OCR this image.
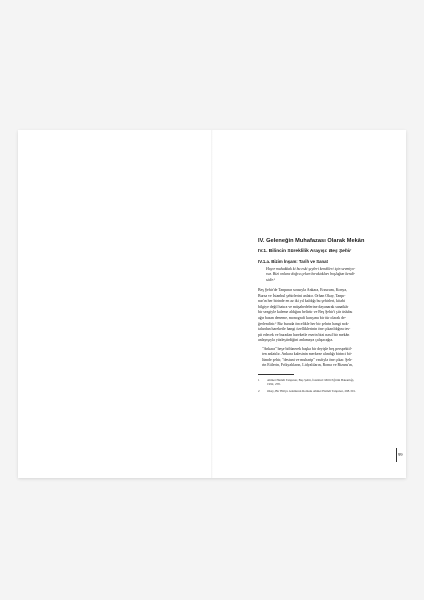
IV. Geleneğin Muhafazası Olarak Mekân
IV.1. Bilincin Süreklilik Arayışı: Beş Şehir
IV.1.a. Bizim İnşam: Tarih ve Sanat
Hayır muhakkak ki bu eski şeyleri kendileri için sevmiyo-
ruz. Bizi onlara doğru çeken bıraktıkları boşluğun kendi-
sidir.¹
Beş Şehir'de Tanpınar sırasıyla Ankara, Erzurum, Konya,
Bursa ve İstanbul şehirlerini anlatır. Orhan Okay, Tanpı-
nar'ın her birinde en az iki yıl kaldığı bu şehirleri, kitabi
bilgiye değil hatıra ve müşahedelerine dayanarak sanatkâr
bir sezgiyle kaleme aldığını belirtir ve Beş Şehir'i şiir üslubu
ağır basan deneme, monografi karışımı bir tür olarak de-
ğerlendirir.² Biz burada öncelikle her bir şehrin hangi nok-
talardan hareketle hangi özelliklerinin öne çıkarıldığını tes-
pit edecek ve buradan hareketle eserin bizi nasıl bir mekân
anlayışıyla yüzleştirdiğini anlamaya çalışacağız.
"Ankara" beşe bölünerek başka bir deyişle beş perspektif-
ten anlatılır. Ankara kalesinin merkeze alındığı birinci bö-
lümde şehir, "destani ve muharip" vasfıyla öne çıkar. Şeh-
rin Etilerin, Frikyalıların, Lidyalıların, Roma ve Bizans'ın,
1	Ahmet Hamdi Tanpınar, Beş Şehir, İstanbul: Milli Eğitim Bakanlığı,
1992, 258.
2	Okay, Bir Hülya Adamının Romanı Ahmet Hamdi Tanpınar, 298-301.
99
